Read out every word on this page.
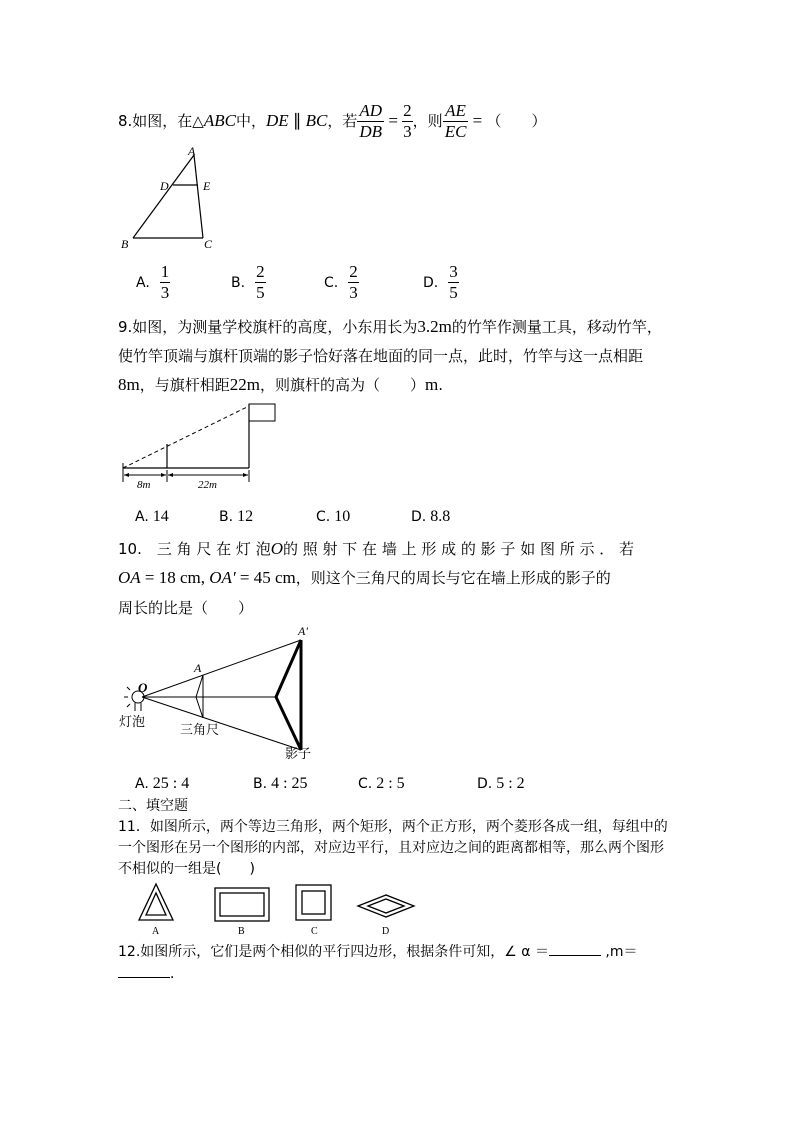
8.如图，在△ ABC 中， DE ∥ BC ，若 $\frac{AD}{DB} = \frac{2}{3}$ ，则 $\frac{AE}{EC}$ = （　　）
A
D	E
B	C
A. $\frac{1}{3}$	B. $\frac{2}{5}$	C. $\frac{2}{3}$	D. $\frac{3}{5}$
9.如图，为测量学校旗杆的高度，小东用长为3.2m的竹竿作测量工具，移动竹竿，
使竹竿顶端与旗杆顶端的影子恰好落在地面的同一点，此时，竹竿与这一点相距
8m，与旗杆相距22m，则旗杆的高为（　　）m.
8m	22m
A. 14	B. 12	C. 10	D. 8.8
10.　三 角 尺 在 灯 泡O的 照 射 下 在 墙 上 形 成 的 影 子 如 图 所 示 ． 若
OA = 18 cm, OA′ = 45 cm，则这个三角尺的周长与它在墙上形成的影子的
周长的比是（　　）
O
A
A′
灯泡
三角尺
影子
A. 25 : 4	B. 4 : 25	C. 2 : 5	D. 5 : 2
二、填空题
11．如图所示，两个等边三角形，两个矩形，两个正方形，两个菱形各成一组，每组中的
一个图形在另一个图形的内部，对应边平行，且对应边之间的距离都相等，那么两个图形
不相似的一组是(　　)
A	B	C	D
12.如图所示，它们是两个相似的平行四边形，根据条件可知，∠ α ＝	,m＝
．
